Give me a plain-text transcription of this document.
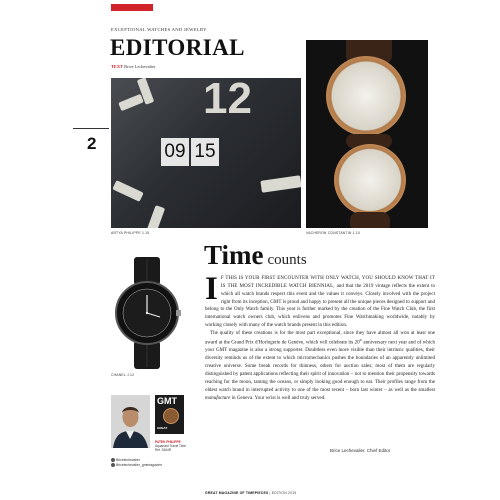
EXCEPTIONAL WATCHES AND JEWELRY
EDITORIAL
TEXT Brice Lechevalier
2
12
09 15
ARTYA PHILIPPE 1.15	VACHERON CONSTANTIN 1.10
CHANEL J.12
Time counts

I F THIS IS YOUR FIRST ENCOUNTER WITH ONLY WATCH, YOU SHOULD KNOW THAT IT IS THE MOST INCREDIBLE WATCH BIENNIAL, and that the 2019 vintage reflects the extent to which all watch brands respect this event and the values it conveys. Closely involved with the project right from its inception, GMT is proud and happy to present all the unique pieces designed to support and belong to the Only Watch family. This year is further marked by the creation of the Fine Watch Club, the first international watch owners club, which enlivens and promotes Fine Watchmaking worldwide, notably by working closely with many of the watch brands present in this edition.

The quality of these creations is for the most part exceptional, since they have almost all won at least one award at the Grand Prix d'Horlogerie de Genève, which will celebrate its 20th anniversary next year and of which your GMT magazine is also a strong supporter. Doubtless even more visible than their intrinsic qualities, their diversity reminds us of the extent to which micromechanics pushes the boundaries of an apparently unlimited creative universe. Some break records for thinness, others for auction sales; most of them are regularly distinguished by patent applications reflecting their spirit of innovation – not to mention their propensity towards reaching for the moon, taming the oceans, or simply looking good enough to eat. Their profiles range from the oldest watch brand in interrupted activity to one of the most recent – born last winter – as well as the smallest manufacture in Geneva. Your wrist is well and truly served.

Brice Lechevalier, Chief Editor
GMT
GREAT
PATEK PHILIPPE
Aquanaut Travel Time
Ref. 5164R
Bricelechevalier
Bricelechevalier_gmtmagazine
GREAT MAGAZINE OF TIMEPIECES | EDITION 2019
